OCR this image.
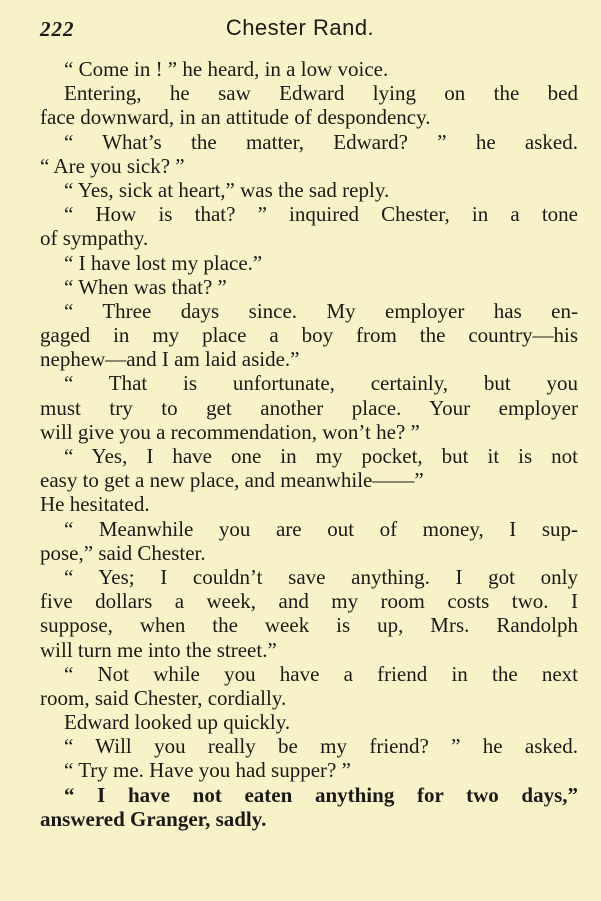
222	Chester Rand.
“ Come in ! ” he heard, in a low voice.
Entering, he saw Edward lying on the bed
face downward, in an attitude of despondency.
“ What’s the matter, Edward? ” he asked.
“ Are you sick? ”
“ Yes, sick at heart,” was the sad reply.
“ How is that? ” inquired Chester, in a tone
of sympathy.
“ I have lost my place.”
“ When was that? ”
“ Three days since. My employer has en-
gaged in my place a boy from the country—his
nephew—and I am laid aside.”
“ That is unfortunate, certainly, but you
must try to get another place. Your employer
will give you a recommendation, won’t he? ”
“ Yes, I have one in my pocket, but it is not
easy to get a new place, and meanwhile——”
He hesitated.
“ Meanwhile you are out of money, I sup-
pose,” said Chester.
“ Yes; I couldn’t save anything. I got only
five dollars a week, and my room costs two. I
suppose, when the week is up, Mrs. Randolph
will turn me into the street.”
“ Not while you have a friend in the next
room, said Chester, cordially.
Edward looked up quickly.
“ Will you really be my friend? ” he asked.
“ Try me. Have you had supper? ”
“ I have not eaten anything for two days,”
answered Granger, sadly.
